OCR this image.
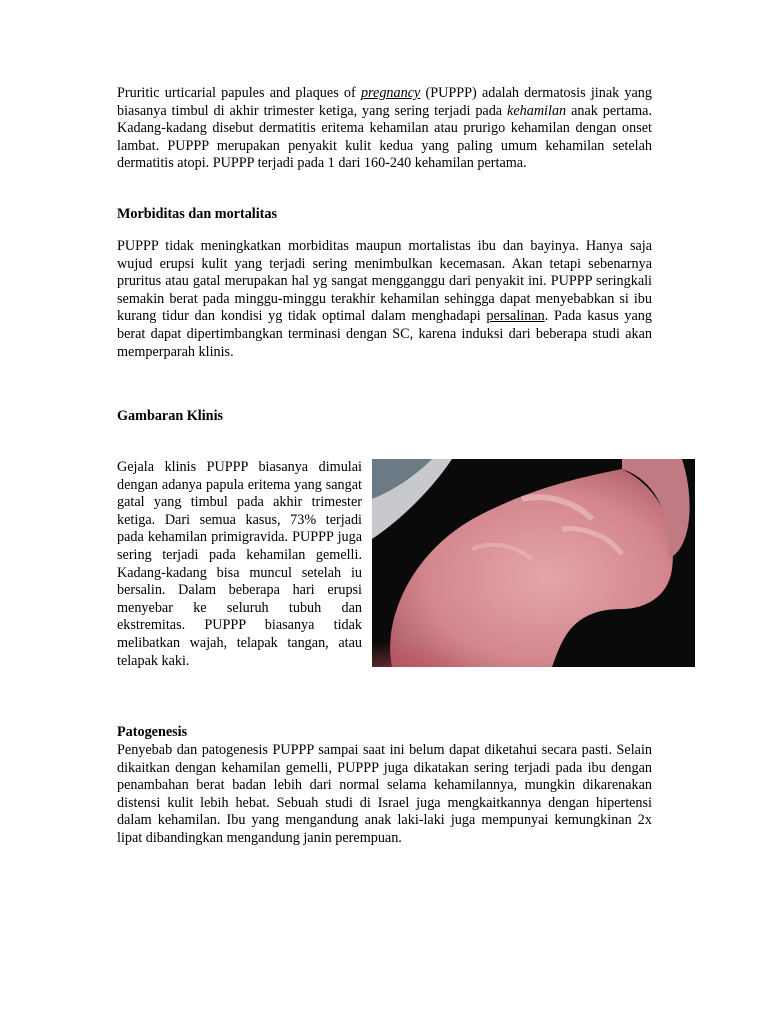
Pruritic urticarial papules and plaques of pregnancy (PUPPP) adalah dermatosis jinak yang biasanya timbul di akhir trimester ketiga, yang sering terjadi pada kehamilan anak pertama. Kadang-kadang disebut dermatitis eritema kehamilan atau prurigo kehamilan dengan onset lambat. PUPPP merupakan penyakit kulit kedua yang paling umum kehamilan setelah dermatitis atopi. PUPPP terjadi pada 1 dari 160-240 kehamilan pertama.

Morbiditas dan mortalitas

PUPPP tidak meningkatkan morbiditas maupun mortalistas ibu dan bayinya. Hanya saja wujud erupsi kulit yang terjadi sering menimbulkan kecemasan. Akan tetapi sebenarnya pruritus atau gatal merupakan hal yg sangat mengganggu dari penyakit ini. PUPPP seringkali semakin berat pada minggu-minggu terakhir kehamilan sehingga dapat menyebabkan si ibu kurang tidur dan kondisi yg tidak optimal dalam menghadapi persalinan. Pada kasus yang berat dapat dipertimbangkan terminasi dengan SC, karena induksi dari beberapa studi akan memperparah klinis.

Gambaran Klinis

Gejala klinis PUPPP biasanya dimulai dengan adanya papula eritema yang sangat gatal yang timbul pada akhir trimester ketiga. Dari semua kasus, 73% terjadi pada kehamilan primigravida. PUPPP juga sering terjadi pada kehamilan gemelli. Kadang-kadang bisa muncul setelah iu bersalin. Dalam beberapa hari erupsi menyebar ke seluruh tubuh dan ekstremitas. PUPPP biasanya tidak melibatkan wajah, telapak tangan, atau telapak kaki.

Patogenesis

Penyebab dan patogenesis PUPPP sampai saat ini belum dapat diketahui secara pasti. Selain dikaitkan dengan kehamilan gemelli, PUPPP juga dikatakan sering terjadi pada ibu dengan penambahan berat badan lebih dari normal selama kehamilannya, mungkin dikarenakan distensi kulit lebih hebat. Sebuah studi di Israel juga mengkaitkannya dengan hipertensi dalam kehamilan. Ibu yang mengandung anak laki-laki juga mempunyai kemungkinan 2x lipat dibandingkan mengandung janin perempuan.
